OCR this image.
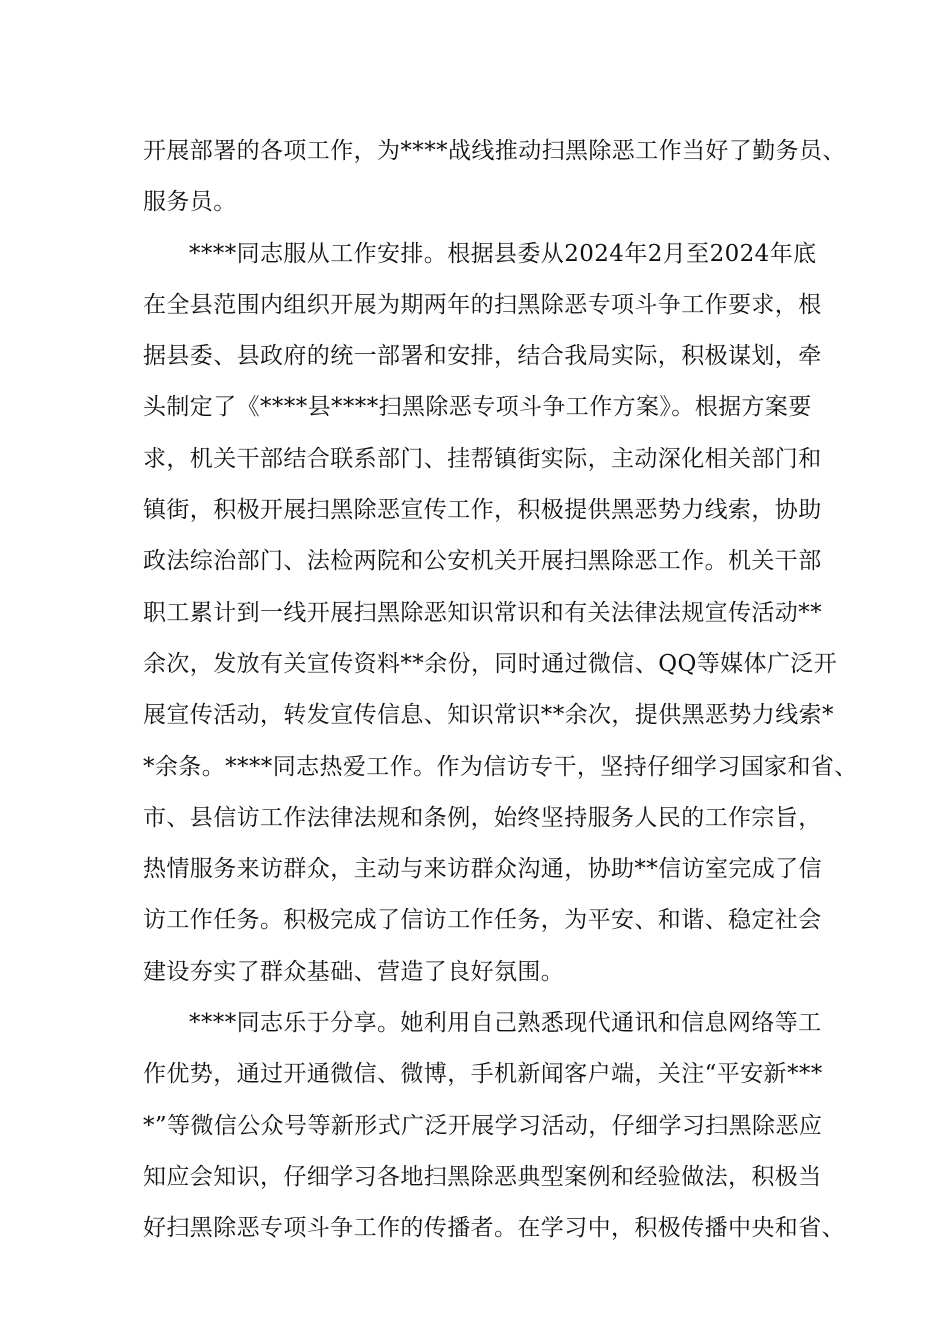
开展部署的各项工作，为****战线推动扫黑除恶工作当好了勤务员、
服务员。
****同志服从工作安排。根据县委从2024年2月至2024年底
在全县范围内组织开展为期两年的扫黑除恶专项斗争工作要求，根
据县委、县政府的统一部署和安排，结合我局实际，积极谋划，牵
头制定了《****县****扫黑除恶专项斗争工作方案》。根据方案要
求，机关干部结合联系部门、挂帮镇街实际，主动深化相关部门和
镇街，积极开展扫黑除恶宣传工作，积极提供黑恶势力线索，协助
政法综治部门、法检两院和公安机关开展扫黑除恶工作。机关干部
职工累计到一线开展扫黑除恶知识常识和有关法律法规宣传活动**
余次，发放有关宣传资料**余份，同时通过微信、QQ等媒体广泛开
展宣传活动，转发宣传信息、知识常识**余次，提供黑恶势力线索*
*余条。****同志热爱工作。作为信访专干，坚持仔细学习国家和省、
市、县信访工作法律法规和条例，始终坚持服务人民的工作宗旨，
热情服务来访群众，主动与来访群众沟通，协助**信访室完成了信
访工作任务。积极完成了信访工作任务，为平安、和谐、稳定社会
建设夯实了群众基础、营造了良好氛围。
****同志乐于分享。她利用自己熟悉现代通讯和信息网络等工
作优势，通过开通微信、微博，手机新闻客户端，关注“平安新***
*”等微信公众号等新形式广泛开展学习活动，仔细学习扫黑除恶应
知应会知识，仔细学习各地扫黑除恶典型案例和经验做法，积极当
好扫黑除恶专项斗争工作的传播者。在学习中，积极传播中央和省、
